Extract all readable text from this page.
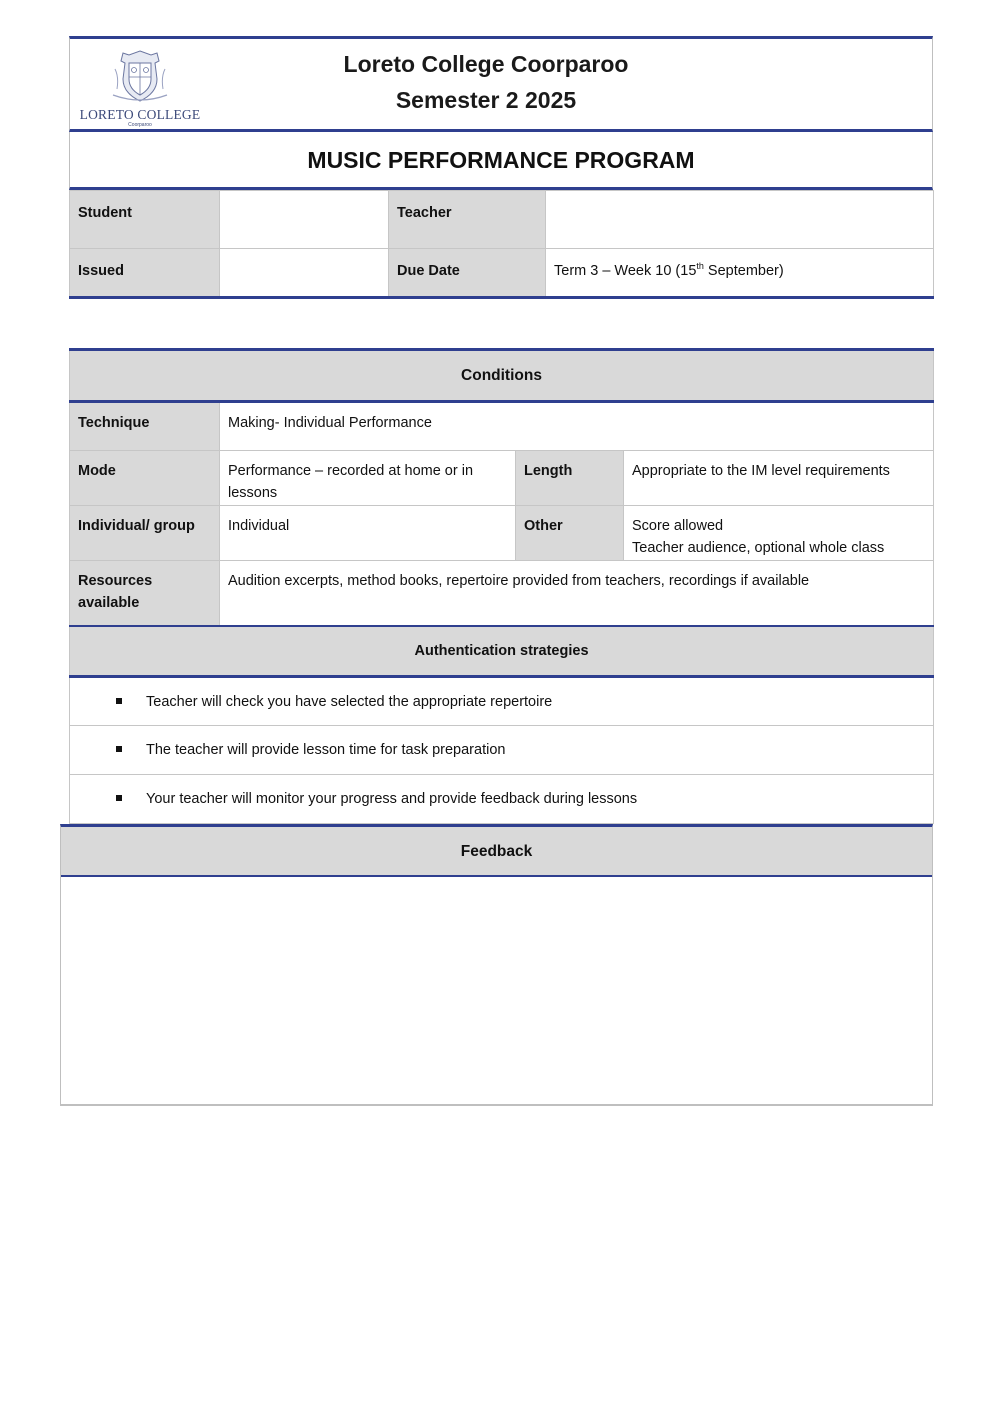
LORETO COLLEGE
Coorparoo
Loreto College Coorparoo
Semester 2 2025
MUSIC PERFORMANCE PROGRAM
Student		Teacher	
Issued		Due Date	Term 3 – Week 10 (15th September)
Conditions			
Technique	Making- Individual Performance		
Mode	Performance – recorded at home or in lessons	Length	Appropriate to the IM level requirements
Individual/ group	Individual	Other	Score allowed
Teacher audience, optional whole class

Resources available	Audition excerpts, method books, repertoire provided from teachers, recordings if available		
Authentication strategies			
Teacher will check you have selected the appropriate repertoire			
The teacher will provide lesson time for task preparation			
Your teacher will monitor your progress and provide feedback during lessons			
Feedback
